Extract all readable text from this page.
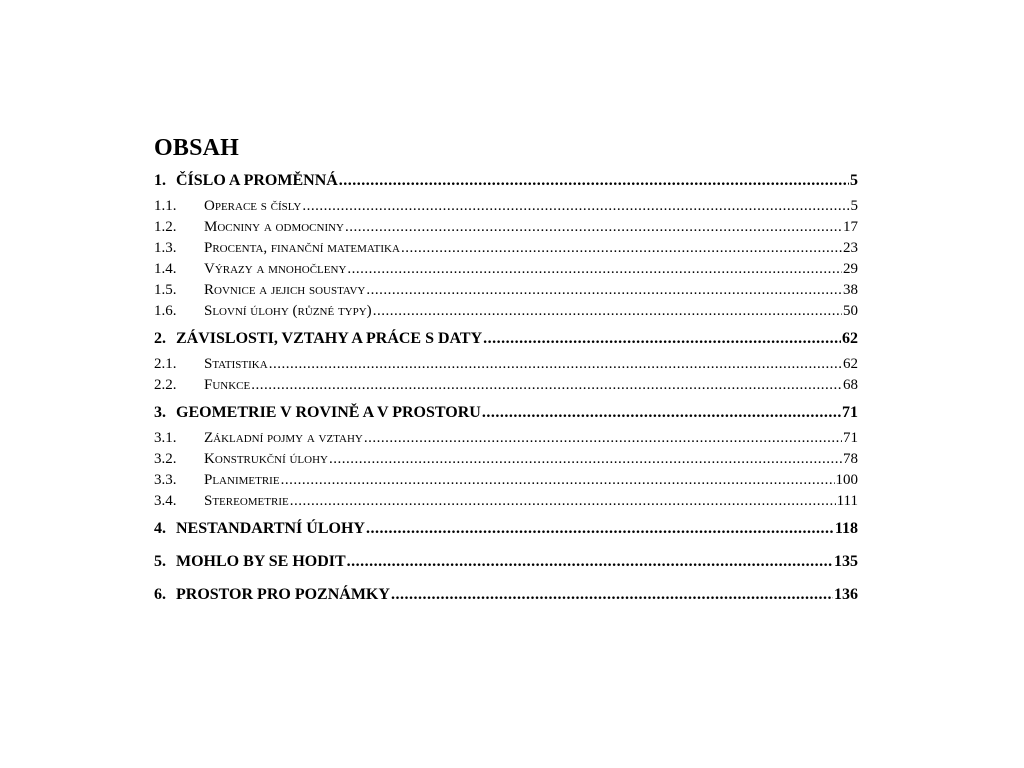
OBSAH
1. ČÍSLO A PROMĚNNÁ .....	5
1.1.	Operace s čísly .....	5
1.2.	Mocniny a odmocniny .....	17
1.3.	Procenta, finanční matematika .....	23
1.4.	Výrazy a mnohočleny .....	29
1.5.	Rovnice a jejich soustavy .....	38
1.6.	Slovní úlohy (různé typy) .....	50
2. ZÁVISLOSTI, VZTAHY A PRÁCE S DATY .....	62
2.1.	Statistika .....	62
2.2.	Funkce .....	68
3. GEOMETRIE V ROVINĚ A V PROSTORU .....	71
3.1.	Základní pojmy a vztahy .....	71
3.2.	Konstrukční úlohy .....	78
3.3.	Planimetrie .....	100
3.4.	Stereometrie .....	111
4. NESTANDARTNÍ ÚLOHY .....	118
5. MOHLO BY SE HODIT .....	135
6. PROSTOR PRO POZNÁMKY .....	136
